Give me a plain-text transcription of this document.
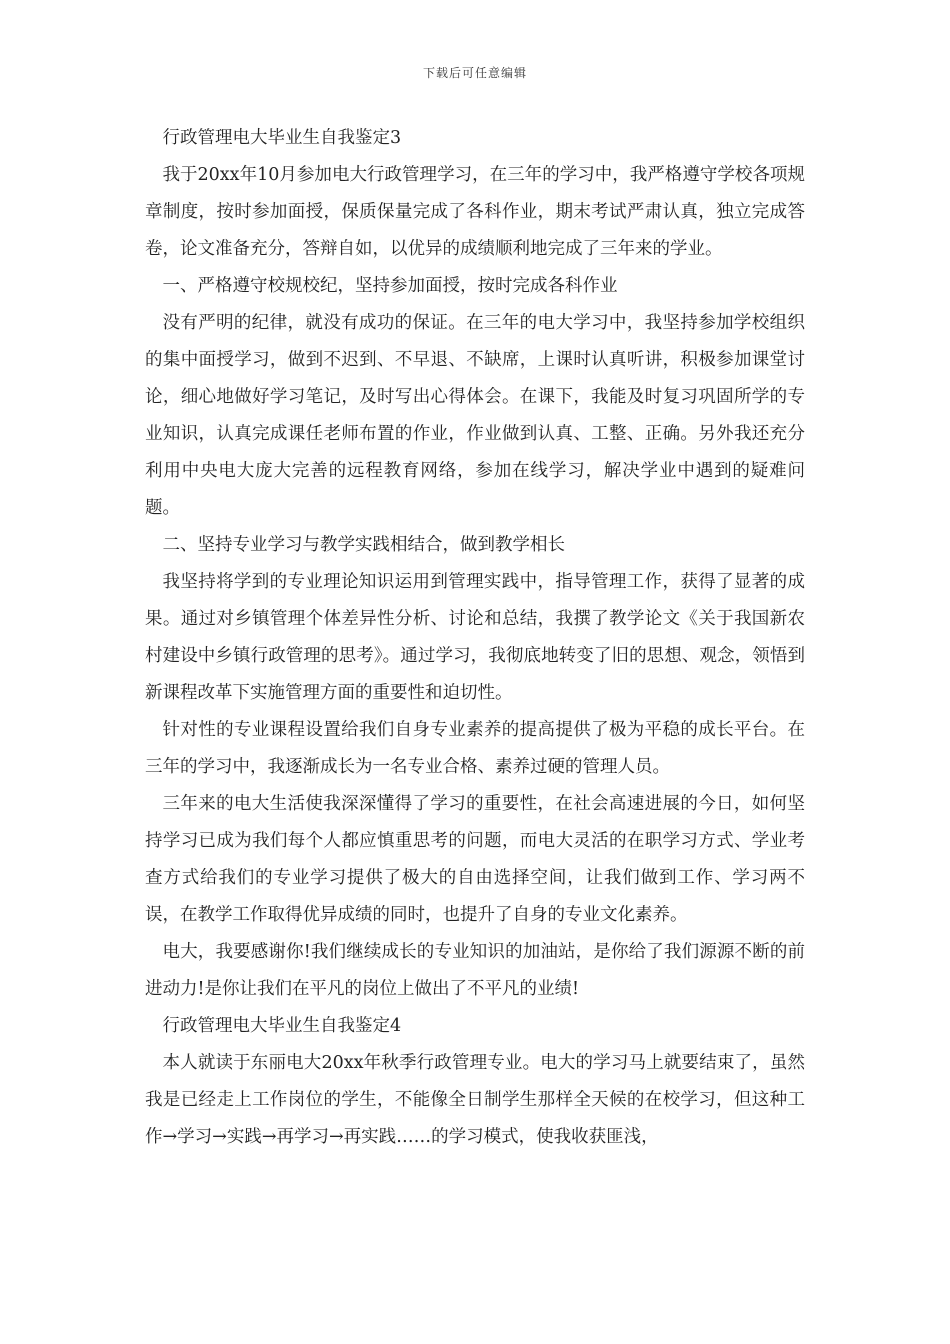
下载后可任意编辑

行政管理电大毕业生自我鉴定3

我于20xx年10月参加电大行政管理学习，在三年的学习中，我严格遵守学校各项规章制度，按时参加面授，保质保量完成了各科作业，期末考试严肃认真，独立完成答卷，论文准备充分，答辩自如，以优异的成绩顺利地完成了三年来的学业。

一、严格遵守校规校纪，坚持参加面授，按时完成各科作业

没有严明的纪律，就没有成功的保证。在三年的电大学习中，我坚持参加学校组织的集中面授学习，做到不迟到、不早退、不缺席，上课时认真听讲，积极参加课堂讨论，细心地做好学习笔记，及时写出心得体会。在课下，我能及时复习巩固所学的专业知识，认真完成课任老师布置的作业，作业做到认真、工整、正确。另外我还充分利用中央电大庞大完善的远程教育网络，参加在线学习，解决学业中遇到的疑难问题。

二、坚持专业学习与教学实践相结合，做到教学相长

我坚持将学到的专业理论知识运用到管理实践中，指导管理工作，获得了显著的成果。通过对乡镇管理个体差异性分析、讨论和总结，我撰了教学论文《关于我国新农村建设中乡镇行政管理的思考》。通过学习，我彻底地转变了旧的思想、观念，领悟到新课程改革下实施管理方面的重要性和迫切性。

针对性的专业课程设置给我们自身专业素养的提高提供了极为平稳的成长平台。在三年的学习中，我逐渐成长为一名专业合格、素养过硬的管理人员。

三年来的电大生活使我深深懂得了学习的重要性，在社会高速进展的今日，如何坚持学习已成为我们每个人都应慎重思考的问题，而电大灵活的在职学习方式、学业考查方式给我们的专业学习提供了极大的自由选择空间，让我们做到工作、学习两不误，在教学工作取得优异成绩的同时，也提升了自身的专业文化素养。

电大，我要感谢你!我们继续成长的专业知识的加油站，是你给了我们源源不断的前进动力!是你让我们在平凡的岗位上做出了不平凡的业绩!

行政管理电大毕业生自我鉴定4

本人就读于东丽电大20xx年秋季行政管理专业。电大的学习马上就要结束了，虽然我是已经走上工作岗位的学生，不能像全日制学生那样全天候的在校学习，但这种工作→学习→实践→再学习→再实践……的学习模式，使我收获匪浅，
